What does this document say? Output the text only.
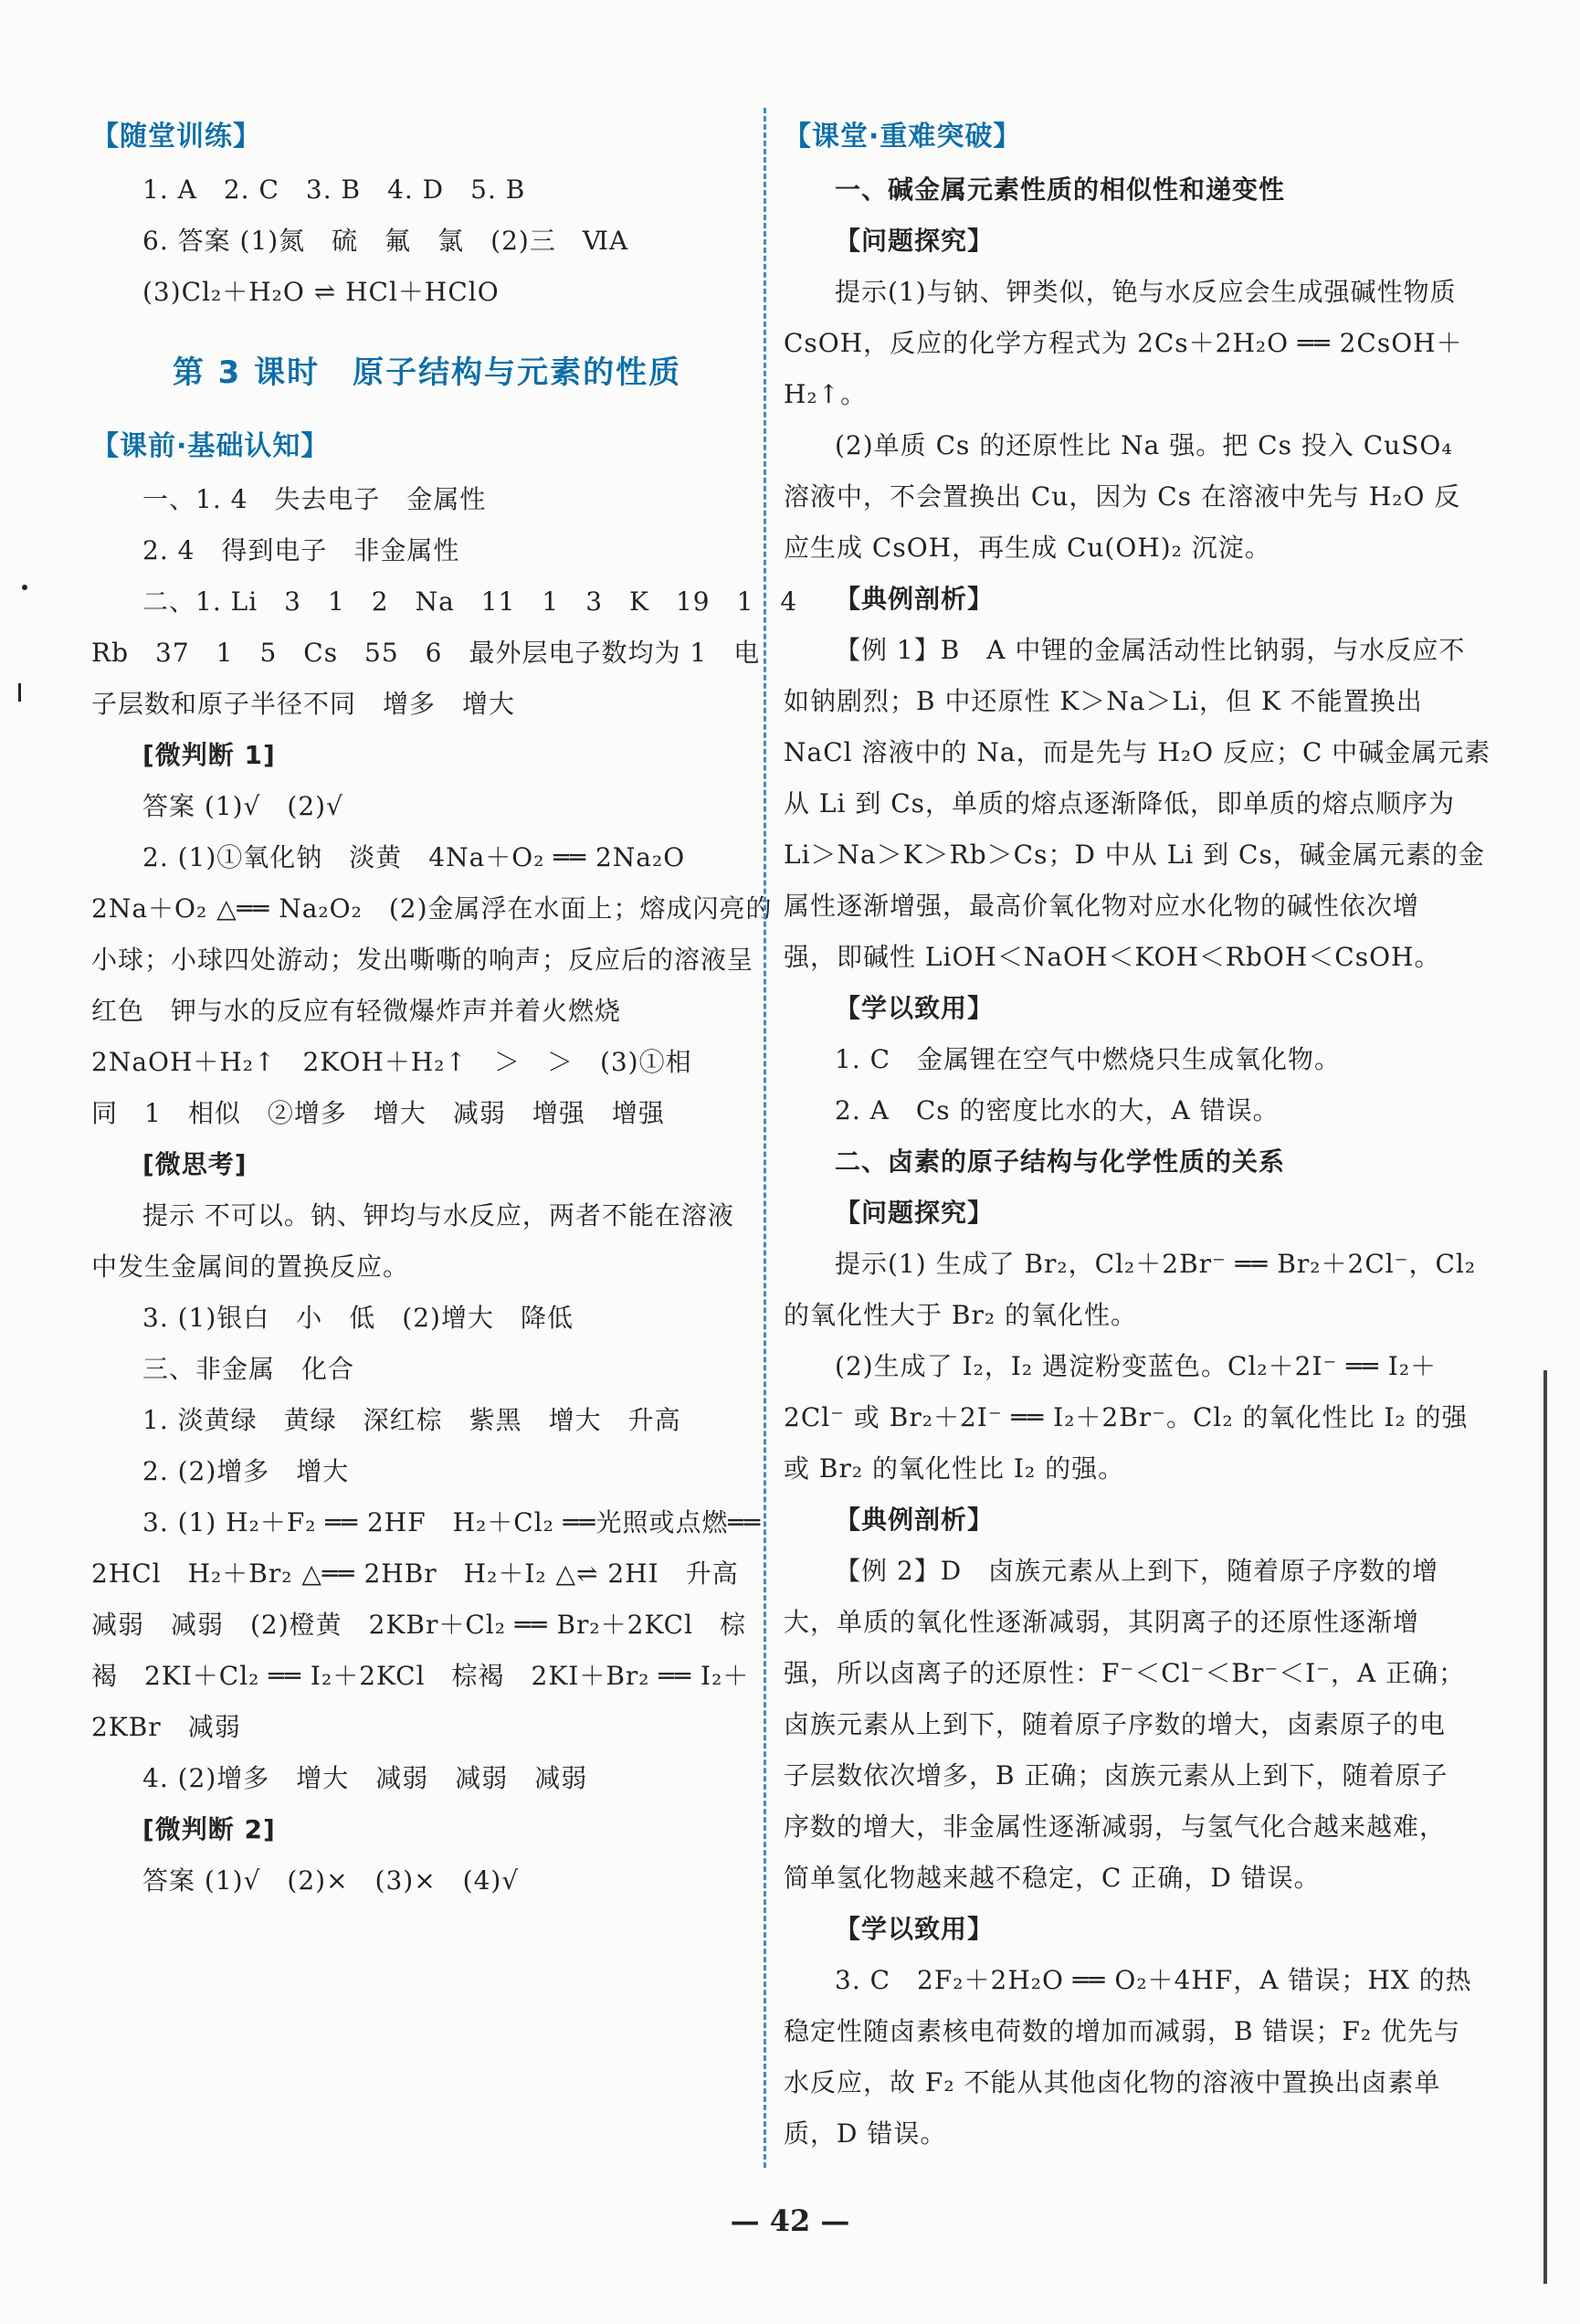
【随堂训练】
1. A　2. C　3. B　4. D　5. B
6. 答案 (1)氮　硫　氟　氯　(2)三　ⅥA
(3)Cl₂＋H₂O ⇌ HCl＋HClO
第 3 课时　原子结构与元素的性质
【课前·基础认知】
一、1. 4　失去电子　金属性
2. 4　得到电子　非金属性
二、1. Li　3　1　2　Na　11　1　3　K　19　1　4
Rb　37　1　5　Cs　55　6　最外层电子数均为 1　电
子层数和原子半径不同　增多　增大
[微判断 1]
答案 (1)√　(2)√
2. (1)①氧化钠　淡黄　4Na＋O₂ ══ 2Na₂O
2Na＋O₂ △══ Na₂O₂　(2)金属浮在水面上；熔成闪亮的
小球；小球四处游动；发出嘶嘶的响声；反应后的溶液呈
红色　钾与水的反应有轻微爆炸声并着火燃烧
2NaOH＋H₂↑　2KOH＋H₂↑　＞　＞　(3)①相
同　1　相似　②增多　增大　减弱　增强　增强
[微思考]
提示 不可以。钠、钾均与水反应，两者不能在溶液
中发生金属间的置换反应。
3. (1)银白　小　低　(2)增大　降低
三、非金属　化合
1. 淡黄绿　黄绿　深红棕　紫黑　增大　升高
2. (2)增多　增大
3. (1) H₂＋F₂ ══ 2HF　H₂＋Cl₂ ══光照或点燃══
2HCl　H₂＋Br₂ △══ 2HBr　H₂＋I₂ △⇌ 2HI　升高
减弱　减弱　(2)橙黄　2KBr＋Cl₂ ══ Br₂＋2KCl　棕
褐　2KI＋Cl₂ ══ I₂＋2KCl　棕褐　2KI＋Br₂ ══ I₂＋
2KBr　减弱
4. (2)增多　增大　减弱　减弱　减弱
[微判断 2]
答案 (1)√　(2)×　(3)×　(4)√
【课堂·重难突破】
一、碱金属元素性质的相似性和递变性
【问题探究】
提示(1)与钠、钾类似，铯与水反应会生成强碱性物质
CsOH，反应的化学方程式为 2Cs＋2H₂O ══ 2CsOH＋
H₂↑。
(2)单质 Cs 的还原性比 Na 强。把 Cs 投入 CuSO₄
溶液中，不会置换出 Cu，因为 Cs 在溶液中先与 H₂O 反
应生成 CsOH，再生成 Cu(OH)₂ 沉淀。
【典例剖析】
【例 1】B　A 中锂的金属活动性比钠弱，与水反应不
如钠剧烈；B 中还原性 K＞Na＞Li，但 K 不能置换出
NaCl 溶液中的 Na，而是先与 H₂O 反应；C 中碱金属元素
从 Li 到 Cs，单质的熔点逐渐降低，即单质的熔点顺序为
Li＞Na＞K＞Rb＞Cs；D 中从 Li 到 Cs，碱金属元素的金
属性逐渐增强，最高价氧化物对应水化物的碱性依次增
强，即碱性 LiOH＜NaOH＜KOH＜RbOH＜CsOH。
【学以致用】
1. C　金属锂在空气中燃烧只生成氧化物。
2. A　Cs 的密度比水的大，A 错误。
二、卤素的原子结构与化学性质的关系
【问题探究】
提示(1) 生成了 Br₂，Cl₂＋2Br⁻ ══ Br₂＋2Cl⁻，Cl₂
的氧化性大于 Br₂ 的氧化性。
(2)生成了 I₂，I₂ 遇淀粉变蓝色。Cl₂＋2I⁻ ══ I₂＋
2Cl⁻ 或 Br₂＋2I⁻ ══ I₂＋2Br⁻。Cl₂ 的氧化性比 I₂ 的强
或 Br₂ 的氧化性比 I₂ 的强。
【典例剖析】
【例 2】D　卤族元素从上到下，随着原子序数的增
大，单质的氧化性逐渐减弱，其阴离子的还原性逐渐增
强，所以卤离子的还原性：F⁻＜Cl⁻＜Br⁻＜I⁻，A 正确；
卤族元素从上到下，随着原子序数的增大，卤素原子的电
子层数依次增多，B 正确；卤族元素从上到下，随着原子
序数的增大，非金属性逐渐减弱，与氢气化合越来越难，
简单氢化物越来越不稳定，C 正确，D 错误。
【学以致用】
3. C　2F₂＋2H₂O ══ O₂＋4HF，A 错误；HX 的热
稳定性随卤素核电荷数的增加而减弱，B 错误；F₂ 优先与
水反应，故 F₂ 不能从其他卤化物的溶液中置换出卤素单
质，D 错误。
— 42 —
